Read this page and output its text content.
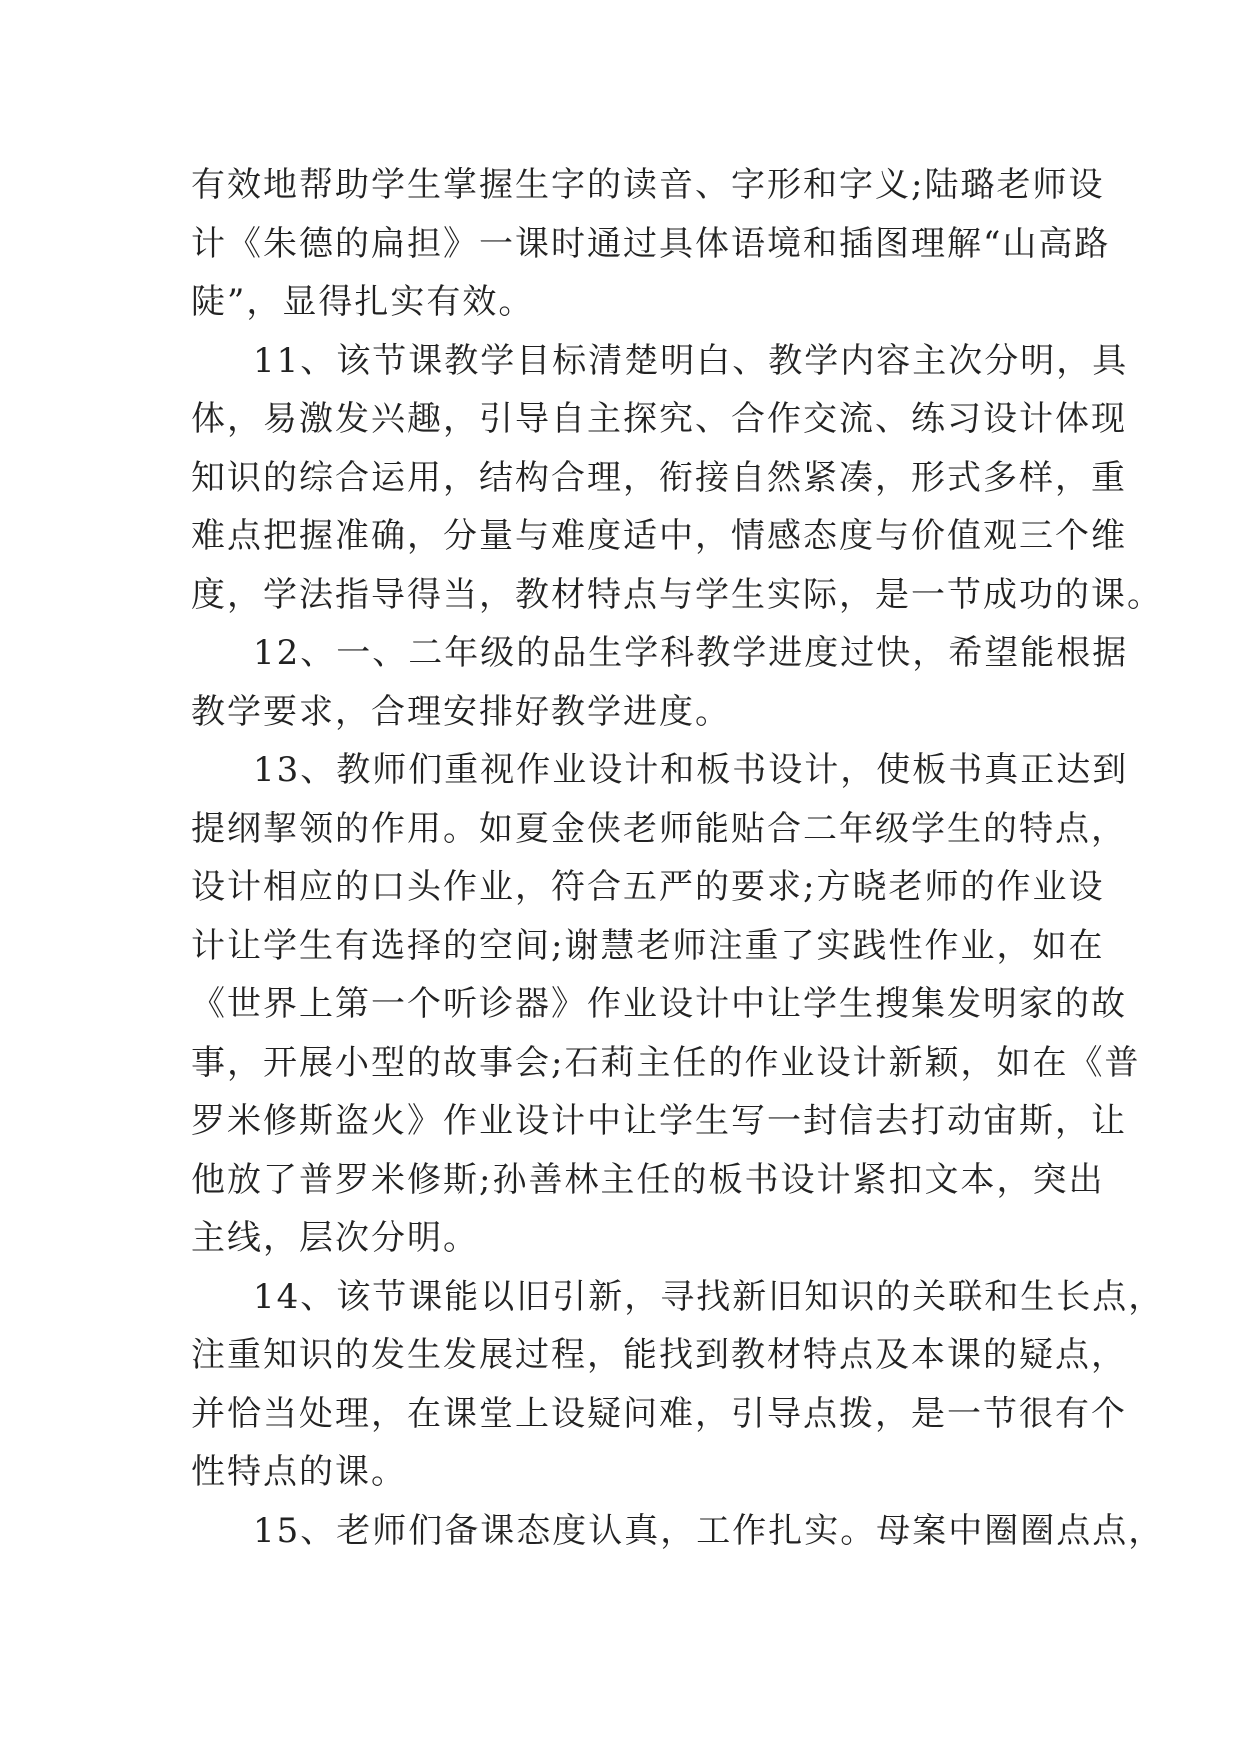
有效地帮助学生掌握生字的读音、字形和字义;陆璐老师设
计《朱德的扁担》一课时通过具体语境和插图理解“山高路
陡”，显得扎实有效。
11、该节课教学目标清楚明白、教学内容主次分明，具
体，易激发兴趣，引导自主探究、合作交流、练习设计体现
知识的综合运用，结构合理，衔接自然紧凑，形式多样，重
难点把握准确，分量与难度适中，情感态度与价值观三个维
度，学法指导得当，教材特点与学生实际，是一节成功的课。
12、一、二年级的品生学科教学进度过快，希望能根据
教学要求，合理安排好教学进度。
13、教师们重视作业设计和板书设计，使板书真正达到
提纲挈领的作用。如夏金侠老师能贴合二年级学生的特点，
设计相应的口头作业，符合五严的要求;方晓老师的作业设
计让学生有选择的空间;谢慧老师注重了实践性作业，如在
《世界上第一个听诊器》作业设计中让学生搜集发明家的故
事，开展小型的故事会;石莉主任的作业设计新颖，如在《普
罗米修斯盗火》作业设计中让学生写一封信去打动宙斯，让
他放了普罗米修斯;孙善林主任的板书设计紧扣文本，突出
主线，层次分明。
14、该节课能以旧引新，寻找新旧知识的关联和生长点，
注重知识的发生发展过程，能找到教材特点及本课的疑点，
并恰当处理，在课堂上设疑问难，引导点拨，是一节很有个
性特点的课。
15、老师们备课态度认真，工作扎实。母案中圈圈点点，
